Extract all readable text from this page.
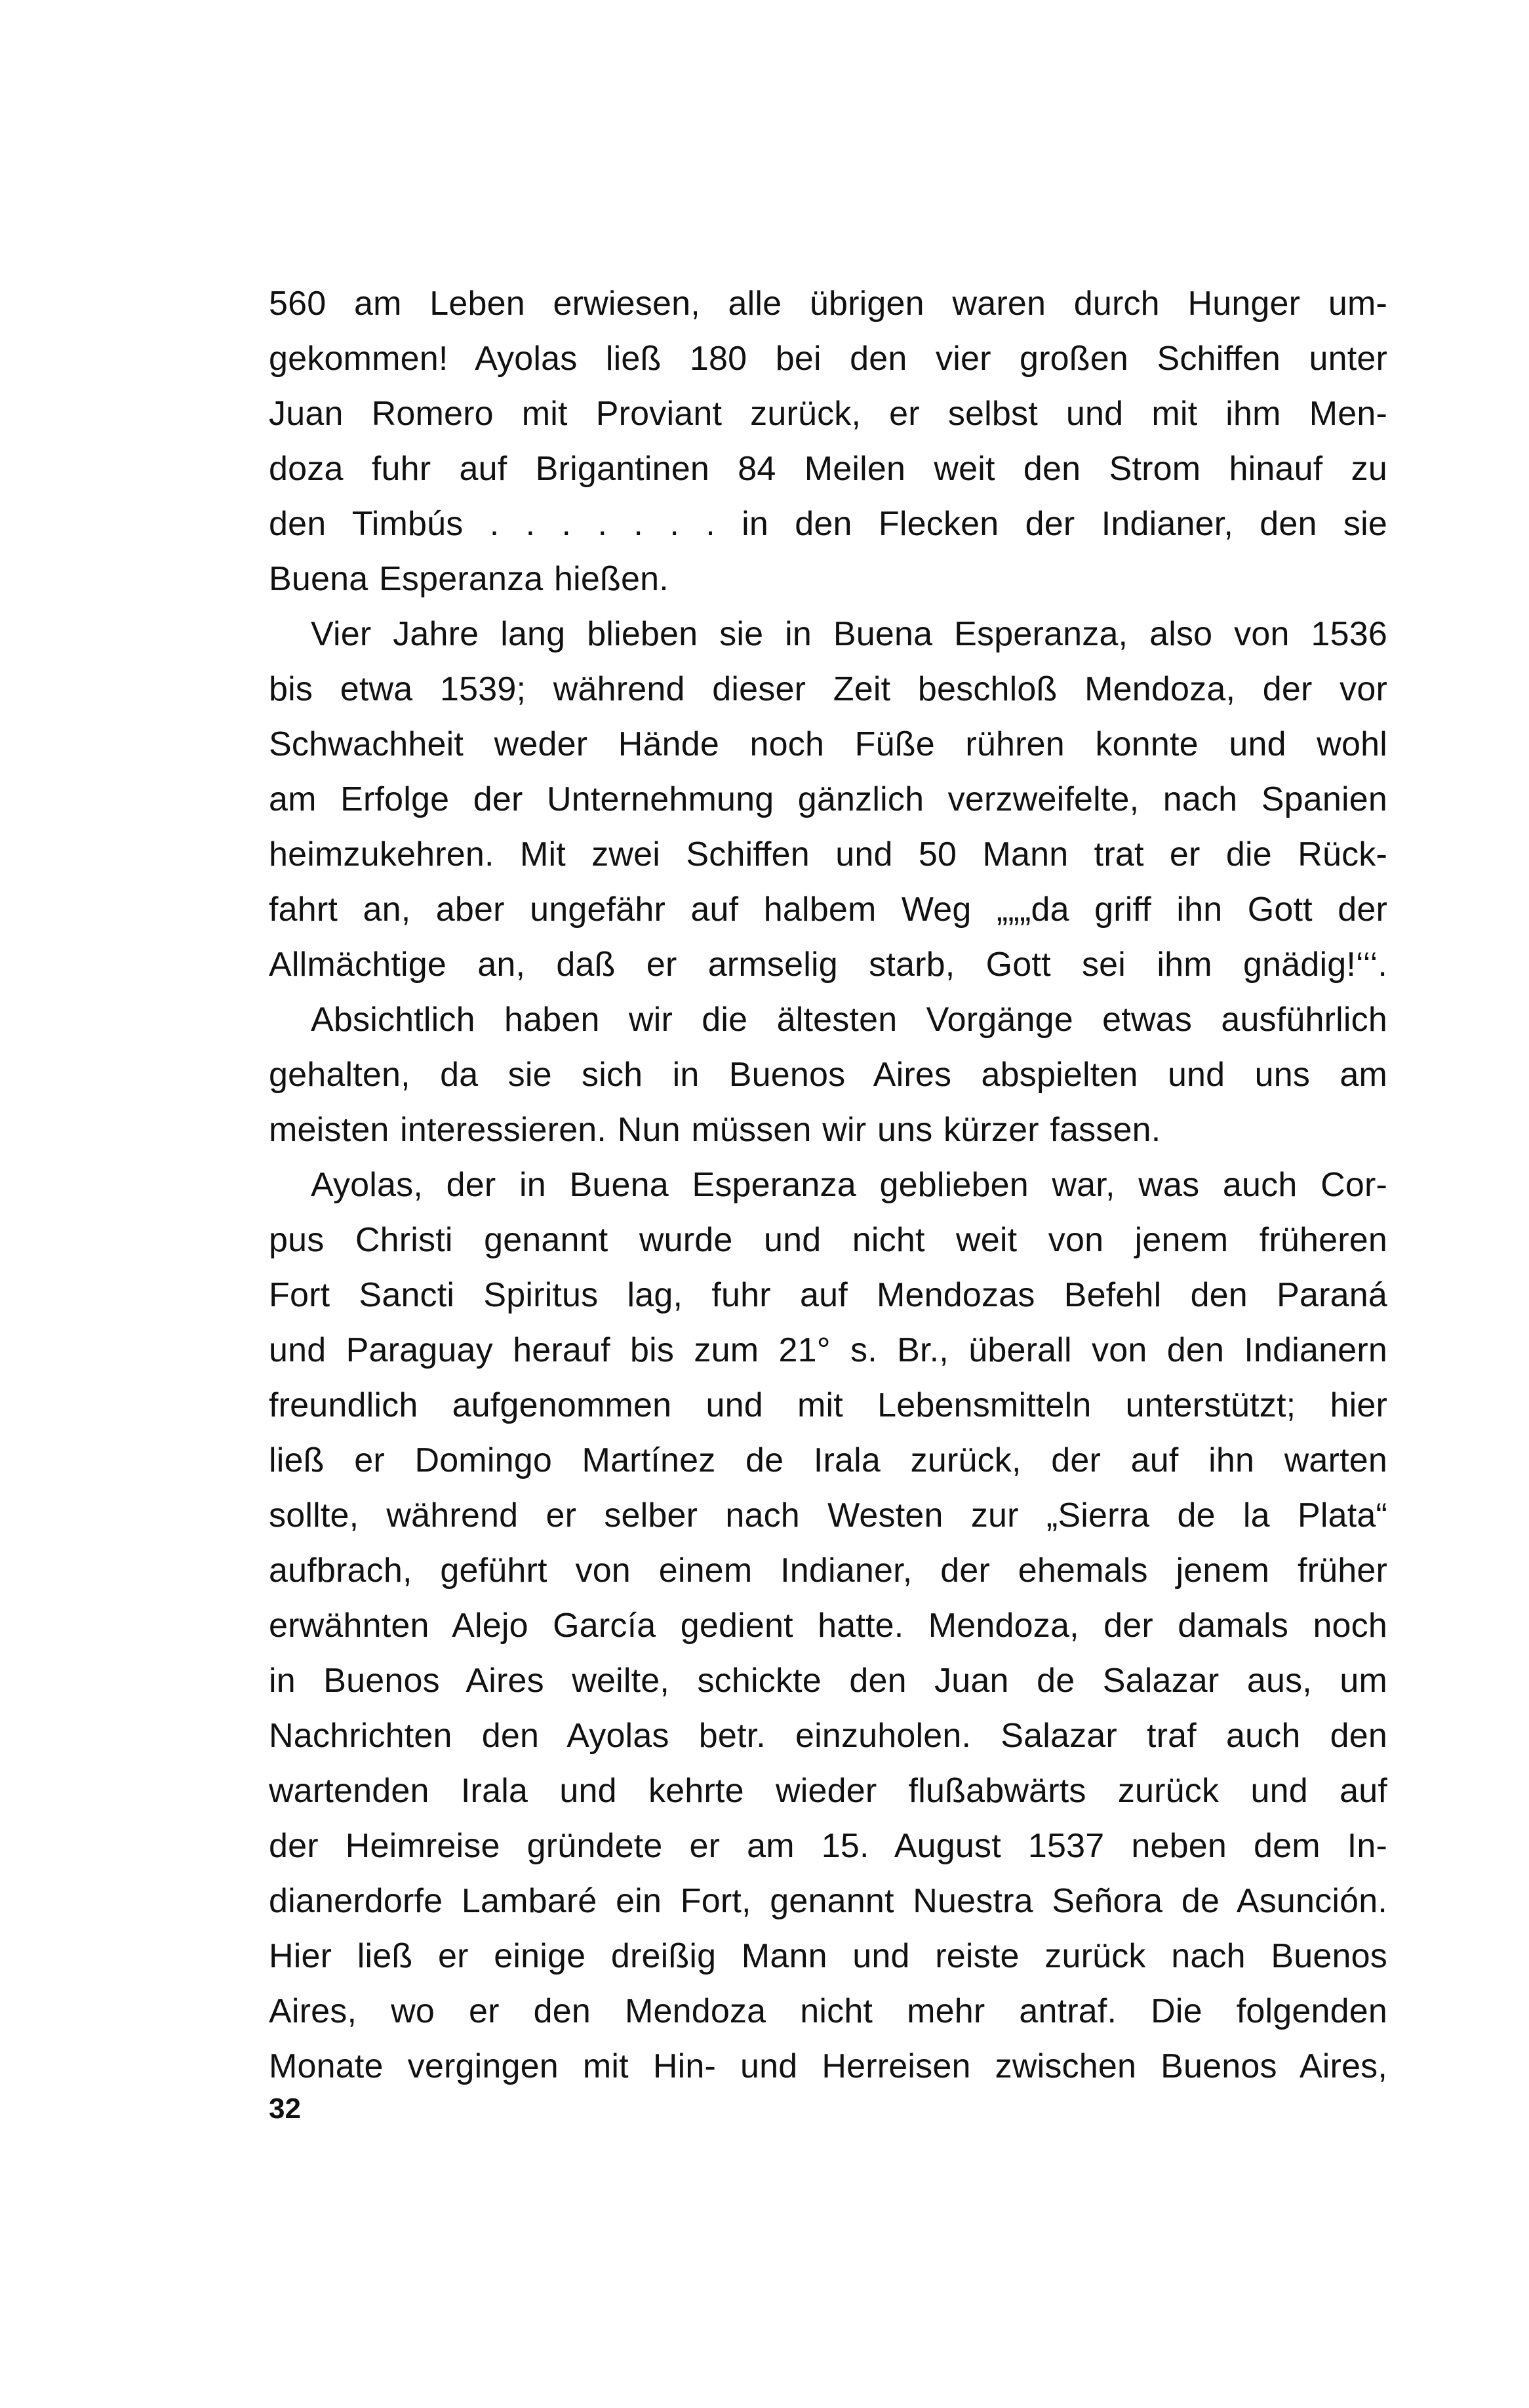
560 am Leben erwiesen, alle übrigen waren durch Hunger um-
gekommen! Ayolas ließ 180 bei den vier großen Schiffen unter
Juan Romero mit Proviant zurück, er selbst und mit ihm Men-
doza fuhr auf Brigantinen 84 Meilen weit den Strom hinauf zu
den Timbús . . . . . . . in den Flecken der Indianer, den sie
Buena Esperanza hießen.
Vier Jahre lang blieben sie in Buena Esperanza, also von 1536
bis etwa 1539; während dieser Zeit beschloß Mendoza, der vor
Schwachheit weder Hände noch Füße rühren konnte und wohl
am Erfolge der Unternehmung gänzlich verzweifelte, nach Spanien
heimzukehren. Mit zwei Schiffen und 50 Mann trat er die Rück-
fahrt an, aber ungefähr auf halbem Weg „„„da griff ihn Gott der
Allmächtige an, daß er armselig starb, Gott sei ihm gnädig!‘‘‘.
Absichtlich haben wir die ältesten Vorgänge etwas ausführlich
gehalten, da sie sich in Buenos Aires abspielten und uns am
meisten interessieren. Nun müssen wir uns kürzer fassen.
Ayolas, der in Buena Esperanza geblieben war, was auch Cor-
pus Christi genannt wurde und nicht weit von jenem früheren
Fort Sancti Spiritus lag, fuhr auf Mendozas Befehl den Paraná
und Paraguay herauf bis zum 21° s. Br., überall von den Indianern
freundlich aufgenommen und mit Lebensmitteln unterstützt; hier
ließ er Domingo Martínez de Irala zurück, der auf ihn warten
sollte, während er selber nach Westen zur „Sierra de la Plata“
aufbrach, geführt von einem Indianer, der ehemals jenem früher
erwähnten Alejo García gedient hatte. Mendoza, der damals noch
in Buenos Aires weilte, schickte den Juan de Salazar aus, um
Nachrichten den Ayolas betr. einzuholen. Salazar traf auch den
wartenden Irala und kehrte wieder flußabwärts zurück und auf
der Heimreise gründete er am 15. August 1537 neben dem In-
dianerdorfe Lambaré ein Fort, genannt Nuestra Señora de Asunción.
Hier ließ er einige dreißig Mann und reiste zurück nach Buenos
Aires, wo er den Mendoza nicht mehr antraf. Die folgenden
Monate vergingen mit Hin- und Herreisen zwischen Buenos Aires,
32
